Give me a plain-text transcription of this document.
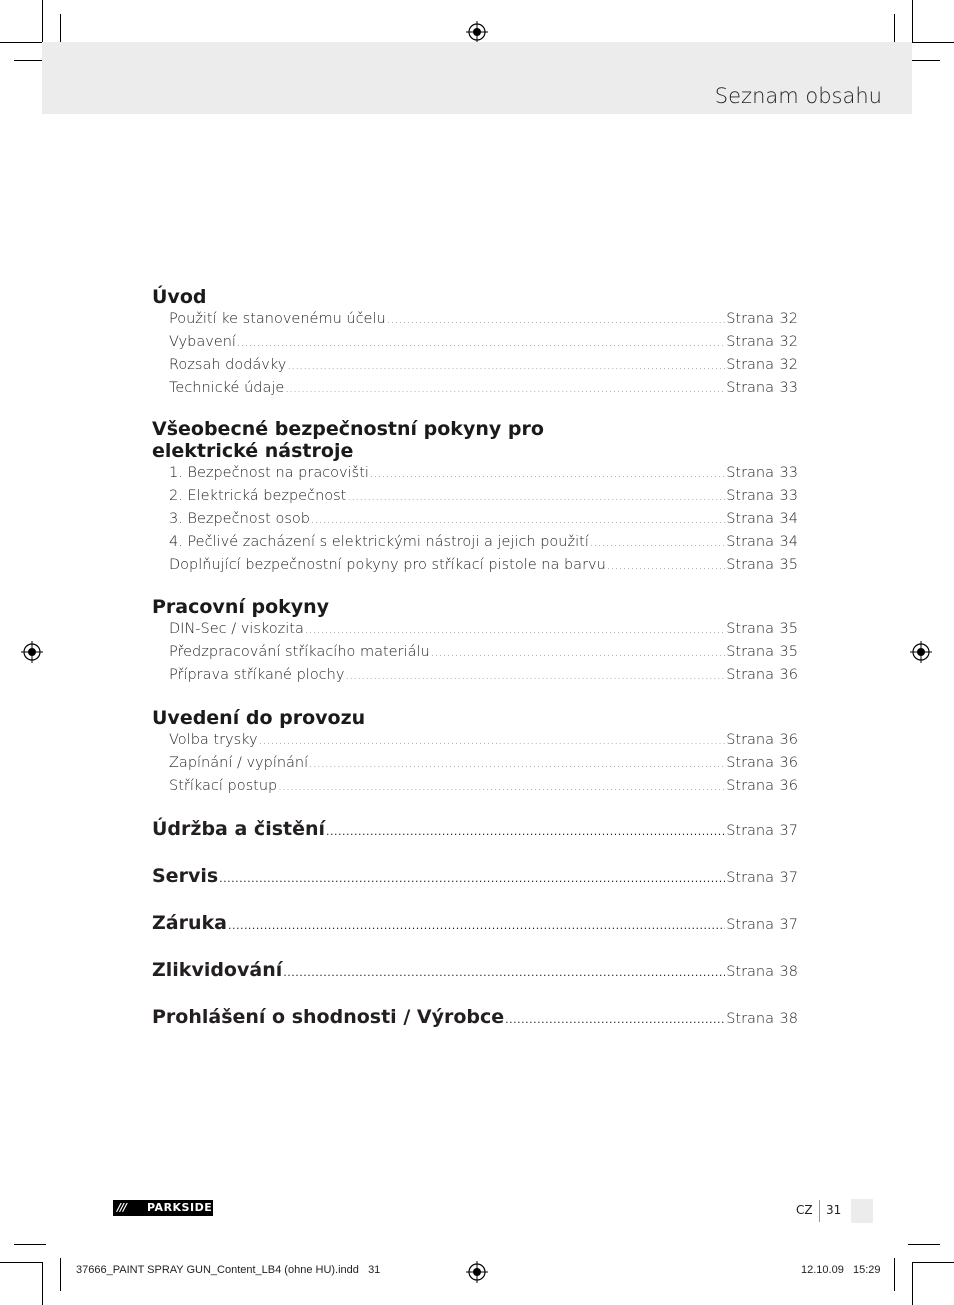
Seznam obsahu
Úvod
Použití ke stanovenému účelu .....	Strana 32
Vybavení .....	Strana 32
Rozsah dodávky .....	Strana 32
Technické údaje .....	Strana 33
Všeobecné bezpečnostní pokyny pro
elektrické nástroje
1. Bezpečnost na pracovišti .....	Strana 33
2. Elektrická bezpečnost .....	Strana 33
3. Bezpečnost osob .....	Strana 34
4. Pečlivé zacházení s elektrickými nástroji a jejich použití .....	Strana 34
Doplňující bezpečnostní pokyny pro stříkací pistole na barvu .....	Strana 35
Pracovní pokyny
DIN-Sec / viskozita .....	Strana 35
Předzpracování stříkacího materiálu .....	Strana 35
Příprava stříkané plochy .....	Strana 36
Uvedení do provozu
Volba trysky .....	Strana 36
Zapínání / vypínání .....	Strana 36
Stříkací postup .....	Strana 36
Údržba a čistění .....	Strana 37
Servis .....	Strana 37
Záruka .....	Strana 37
Zlikvidování .....	Strana 38
Prohlášení o shodnosti / Výrobce .....	Strana 38
/// PARKSIDE	CZ 31
37666_PAINT SPRAY GUN_Content_LB4 (ohne HU).indd   31	12.10.09   15:29
